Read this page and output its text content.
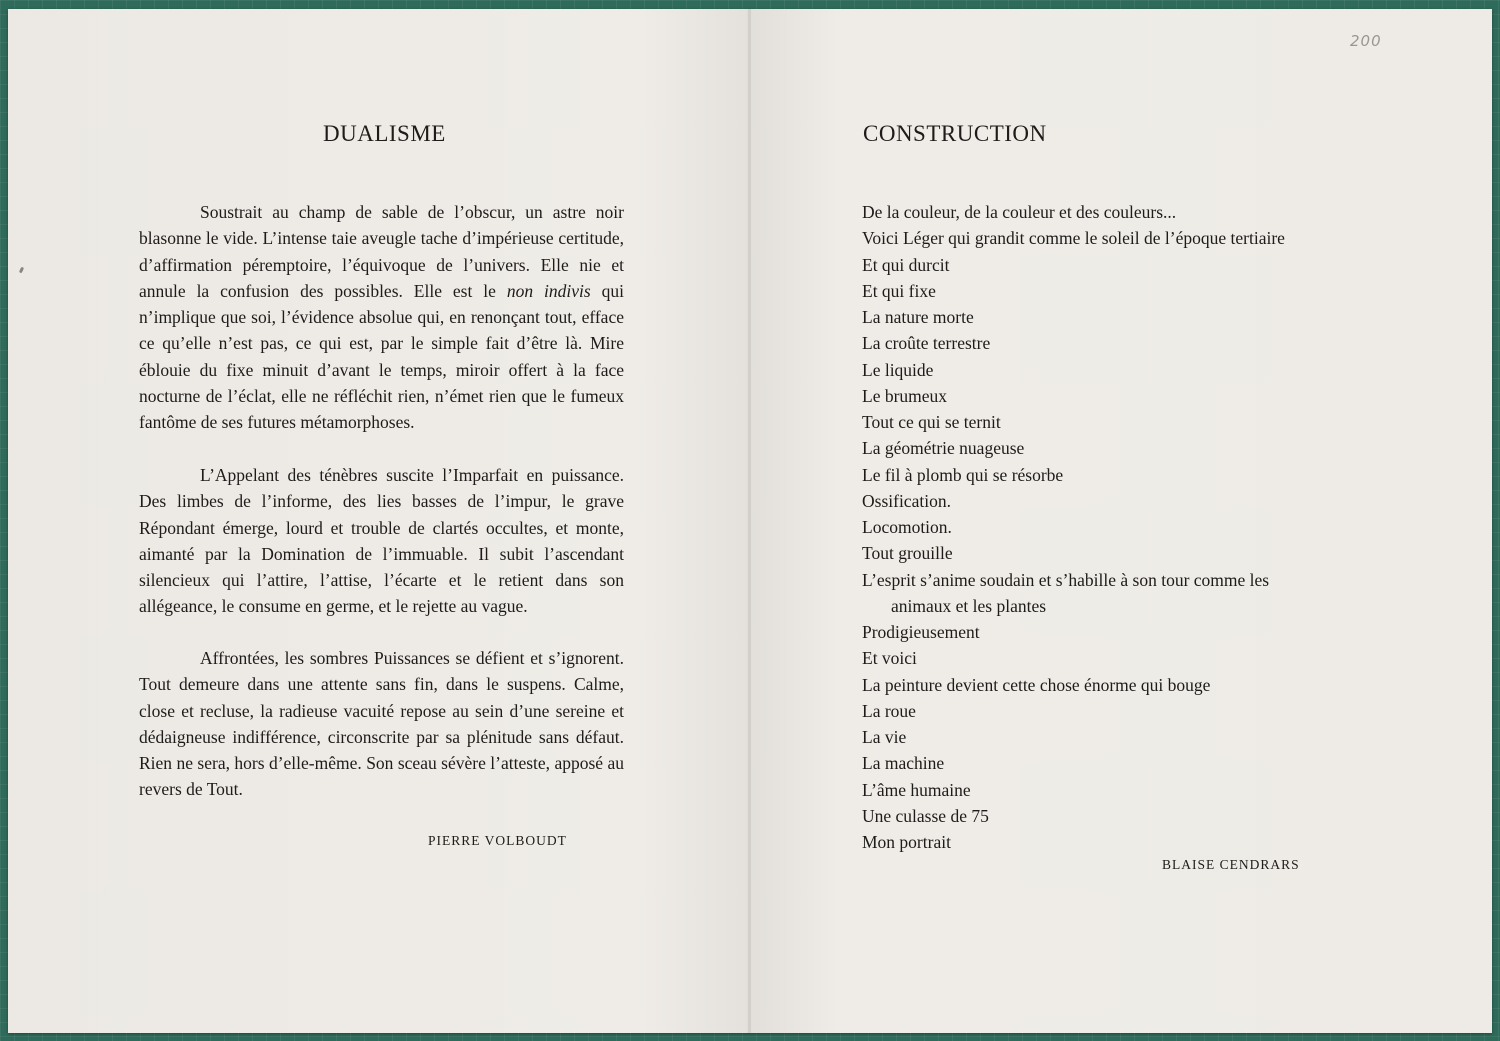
DUALISME

Soustrait au champ de sable de l’obscur, un astre noir blasonne le vide. L’intense taie aveugle tache d’impérieuse certitude, d’affirmation péremptoire, l’équivoque de l’univers. Elle nie et annule la confusion des possibles. Elle est le non indivis qui n’implique que soi, l’évidence absolue qui, en renonçant tout, efface ce qu’elle n’est pas, ce qui est, par le simple fait d’être là. Mire éblouie du fixe minuit d’avant le temps, miroir offert à la face nocturne de l’éclat, elle ne réfléchit rien, n’émet rien que le fumeux fantôme de ses futures métamorphoses.

L’Appelant des ténèbres suscite l’Imparfait en puissance. Des limbes de l’informe, des lies basses de l’impur, le grave Répondant émerge, lourd et trouble de clartés occultes, et monte, aimanté par la Domination de l’immuable. Il subit l’ascendant silencieux qui l’attire, l’attise, l’écarte et le retient dans son allégeance, le consume en germe, et le rejette au vague.

Affrontées, les sombres Puissances se défient et s’ignorent. Tout demeure dans une attente sans fin, dans le suspens. Calme, close et recluse, la radieuse vacuité repose au sein d’une sereine et dédaigneuse indifférence, circonscrite par sa plénitude sans défaut. Rien ne sera, hors d’elle-même. Son sceau sévère l’atteste, apposé au revers de Tout.

PIERRE VOLBOUDT
200
CONSTRUCTION
De la couleur, de la couleur et des couleurs...
Voici Léger qui grandit comme le soleil de l’époque tertiaire
Et qui durcit
Et qui fixe
La nature morte
La croûte terrestre
Le liquide
Le brumeux
Tout ce qui se ternit
La géométrie nuageuse
Le fil à plomb qui se résorbe
Ossification.
Locomotion.
Tout grouille
L’esprit s’anime soudain et s’habille à son tour comme les
animaux et les plantes
Prodigieusement
Et voici
La peinture devient cette chose énorme qui bouge
La roue
La vie
La machine
L’âme humaine
Une culasse de 75
Mon portrait
BLAISE CENDRARS
